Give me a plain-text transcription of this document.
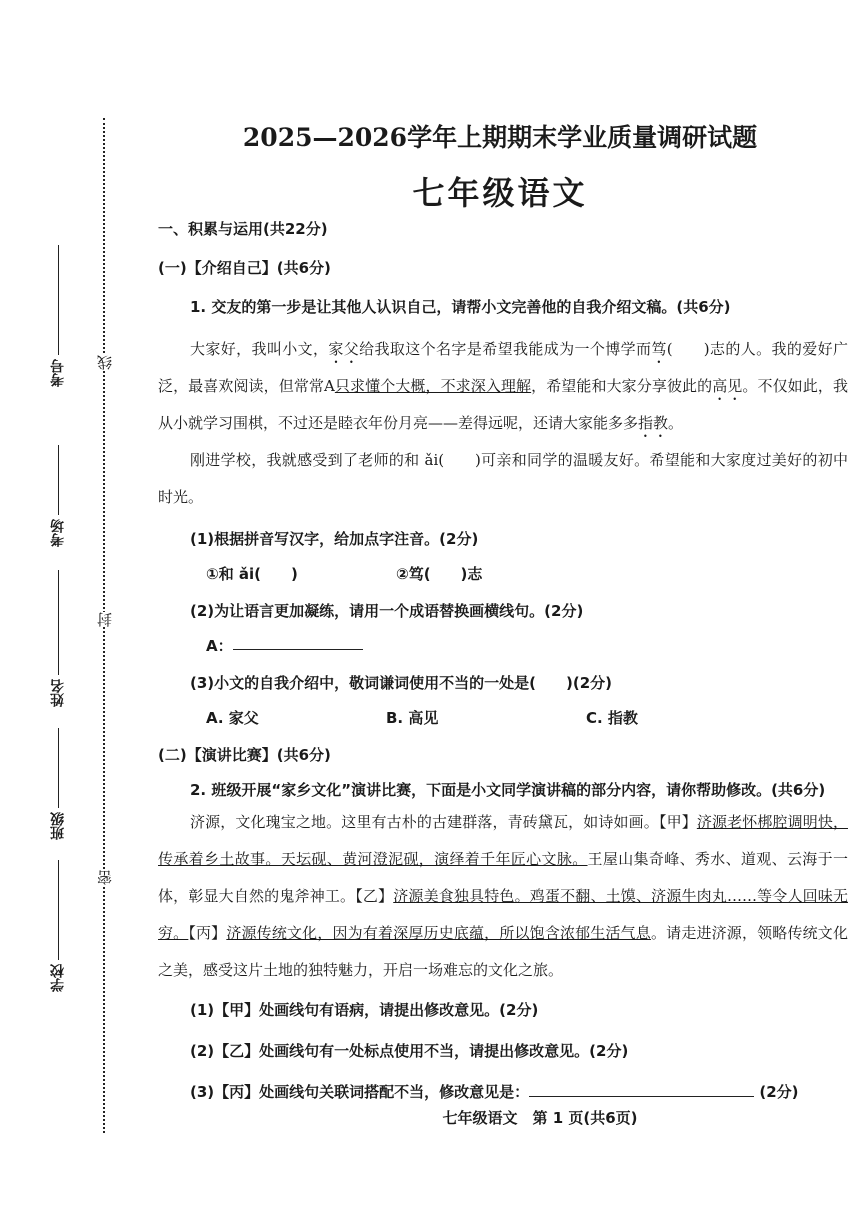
线
封
密
考号
考场
姓名
班级
学校
2025—2026学年上期期末学业质量调研试题
七年级语文
一、积累与运用(共22分)
(一)【介绍自己】(共6分)
1. 交友的第一步是让其他人认识自己，请帮小文完善他的自我介绍文稿。(共6分)

大家好，我叫小文，家父给我取这个名字是希望我能成为一个博学而笃(　　)志的人。我的爱好广泛，最喜欢阅读，但常常A只求懂个大概，不求深入理解，希望能和大家分享彼此的高见。不仅如此，我从小就学习围棋，不过还是睦衣年份月亮——差得远呢，还请大家能多多指教。

刚进学校，我就感受到了老师的和 ǎi(　　)可亲和同学的温暖友好。希望能和大家度过美好的初中时光。

(1)根据拼音写汉字，给加点字注音。(2分)
①和 ǎi(　　)	②笃(　　)志
(2)为让语言更加凝练，请用一个成语替换画横线句。(2分)
A：
(3)小文的自我介绍中，敬词谦词使用不当的一处是(　　)(2分)
A. 家父	B. 高见	C. 指教
(二)【演讲比赛】(共6分)
2. 班级开展“家乡文化”演讲比赛，下面是小文同学演讲稿的部分内容，请你帮助修改。(共6分)

济源，文化瑰宝之地。这里有古朴的古建群落，青砖黛瓦，如诗如画。【甲】济源老怀梆腔调明快，传承着乡土故事。天坛砚、黄河澄泥砚，演绎着千年匠心文脉。王屋山集奇峰、秀水、道观、云海于一体，彰显大自然的鬼斧神工。【乙】济源美食独具特色。鸡蛋不翻、土馍、济源牛肉丸……等令人回味无穷。【丙】济源传统文化，因为有着深厚历史底蕴，所以饱含浓郁生活气息。请走进济源，领略传统文化之美，感受这片土地的独特魅力，开启一场难忘的文化之旅。

(1)【甲】处画线句有语病，请提出修改意见。(2分)
(2)【乙】处画线句有一处标点使用不当，请提出修改意见。(2分)
(3)【丙】处画线句关联词搭配不当，修改意见是：	(2分)
七年级语文　第 1 页(共6页)
